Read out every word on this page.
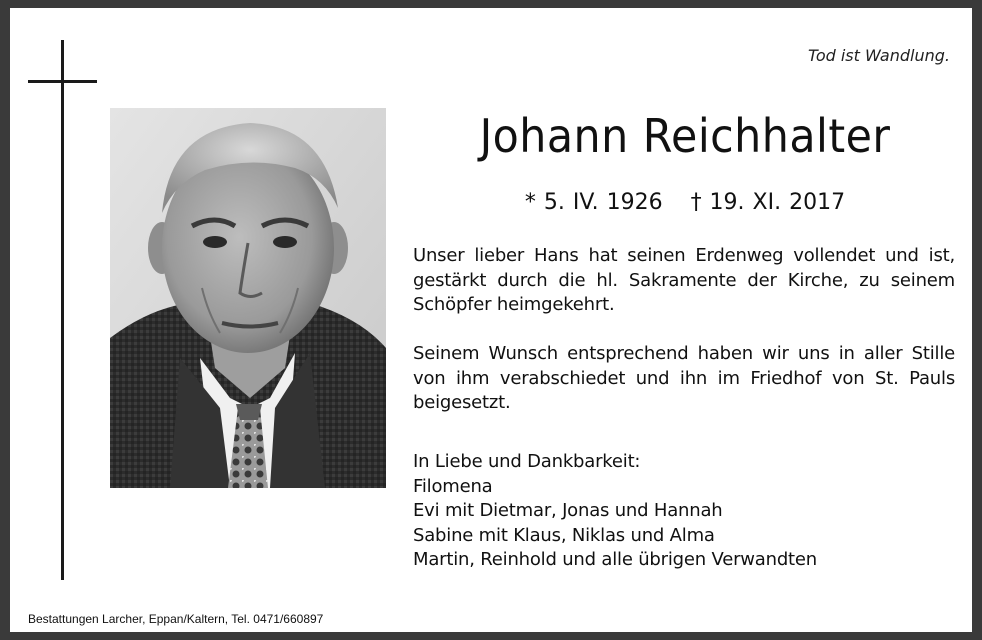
Tod ist Wandlung.
Johann Reichhalter
* 5. IV. 1926 † 19. XI. 2017
Unser lieber Hans hat seinen Erdenweg vollendet und ist, gestärkt durch die hl. Sakramente der Kirche, zu seinem Schöpfer heimgekehrt.
Seinem Wunsch entsprechend haben wir uns in aller Stille von ihm verabschiedet und ihn im Friedhof von St. Pauls beigesetzt.
In Liebe und Dankbarkeit:
Filomena
Evi mit Dietmar, Jonas und Hannah
Sabine mit Klaus, Niklas und Alma
Martin, Reinhold und alle übrigen Verwandten
Bestattungen Larcher, Eppan/Kaltern, Tel. 0471/660897
